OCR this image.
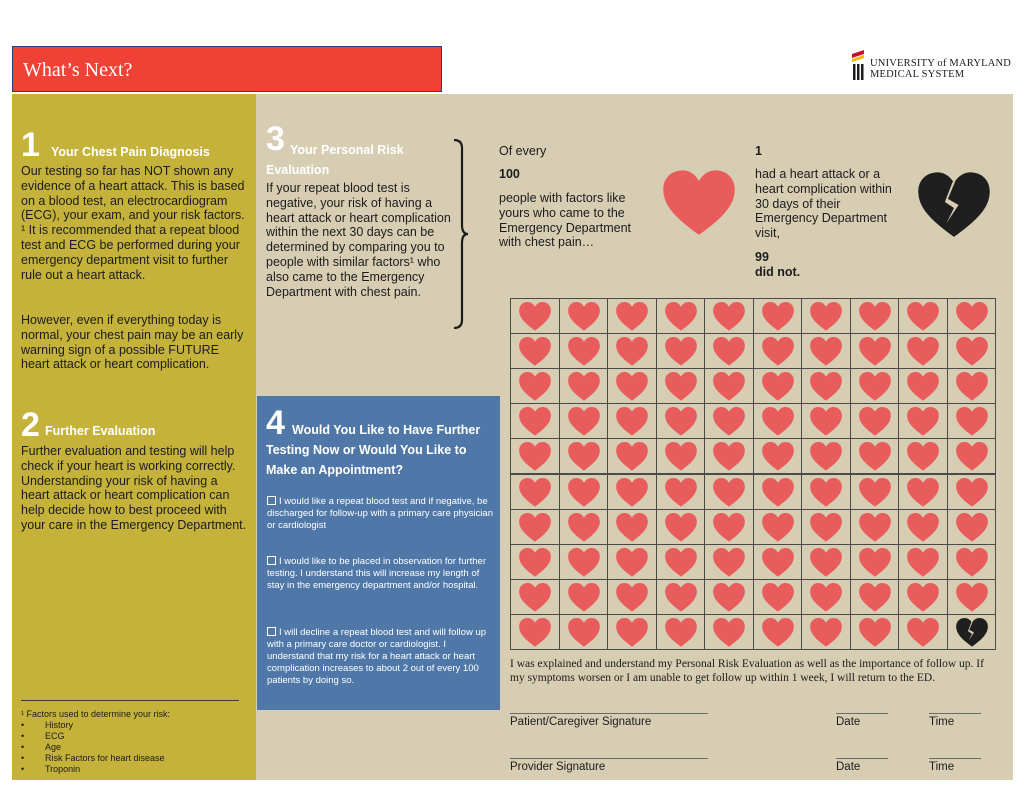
What’s Next?	UNIVERSITY of MARYLAND
MEDICAL SYSTEM
1 Your Chest Pain Diagnosis
Our testing so far has NOT shown any evidence of a heart attack. This is based on a blood test, an electrocardiogram (ECG), your exam, and your risk factors. ¹ It is recommended that a repeat blood test and ECG be performed during your emergency department visit to further rule out a heart attack.
However, even if everything today is normal, your chest pain may be an early warning sign of a possible FUTURE heart attack or heart complication.
2 Further Evaluation
Further evaluation and testing will help check if your heart is working correctly. Understanding your risk of having a heart attack or heart complication can help decide how to best proceed with your care in the Emergency Department.
¹ Factors used to determine your risk:
• History
• ECG
• Age
• Risk Factors for heart disease
• Troponin
3 Your Personal Risk Evaluation
If your repeat blood test is negative, your risk of having a heart attack or heart complication within the next 30 days can be determined by comparing you to people with similar factors¹ who also came to the Emergency Department with chest pain.
Of every
100
people with factors like yours who came to the Emergency Department with chest pain…
1
had a heart attack or a heart complication within 30 days of their Emergency Department visit,
99
did not.
4 Would You Like to Have Further Testing Now or Would You Like to Make an Appointment?
I would like a repeat blood test and if negative, be discharged for follow-up with a primary care physician or cardiologist
I would like to be placed in observation for further testing. I understand this will increase my length of stay in the emergency department and/or hospital.
I will decline a repeat blood test and will follow up with a primary care doctor or cardiologist. I understand that my risk for a heart attack or heart complication increases to about 2 out of every 100 patients by doing so.
I was explained and understand my Personal Risk Evaluation as well as the importance of follow up. If my symptoms worsen or I am unable to get follow up within 1 week, I will return to the ED.
Patient/Caregiver Signature	Date	Time
Provider Signature	Date	Time
